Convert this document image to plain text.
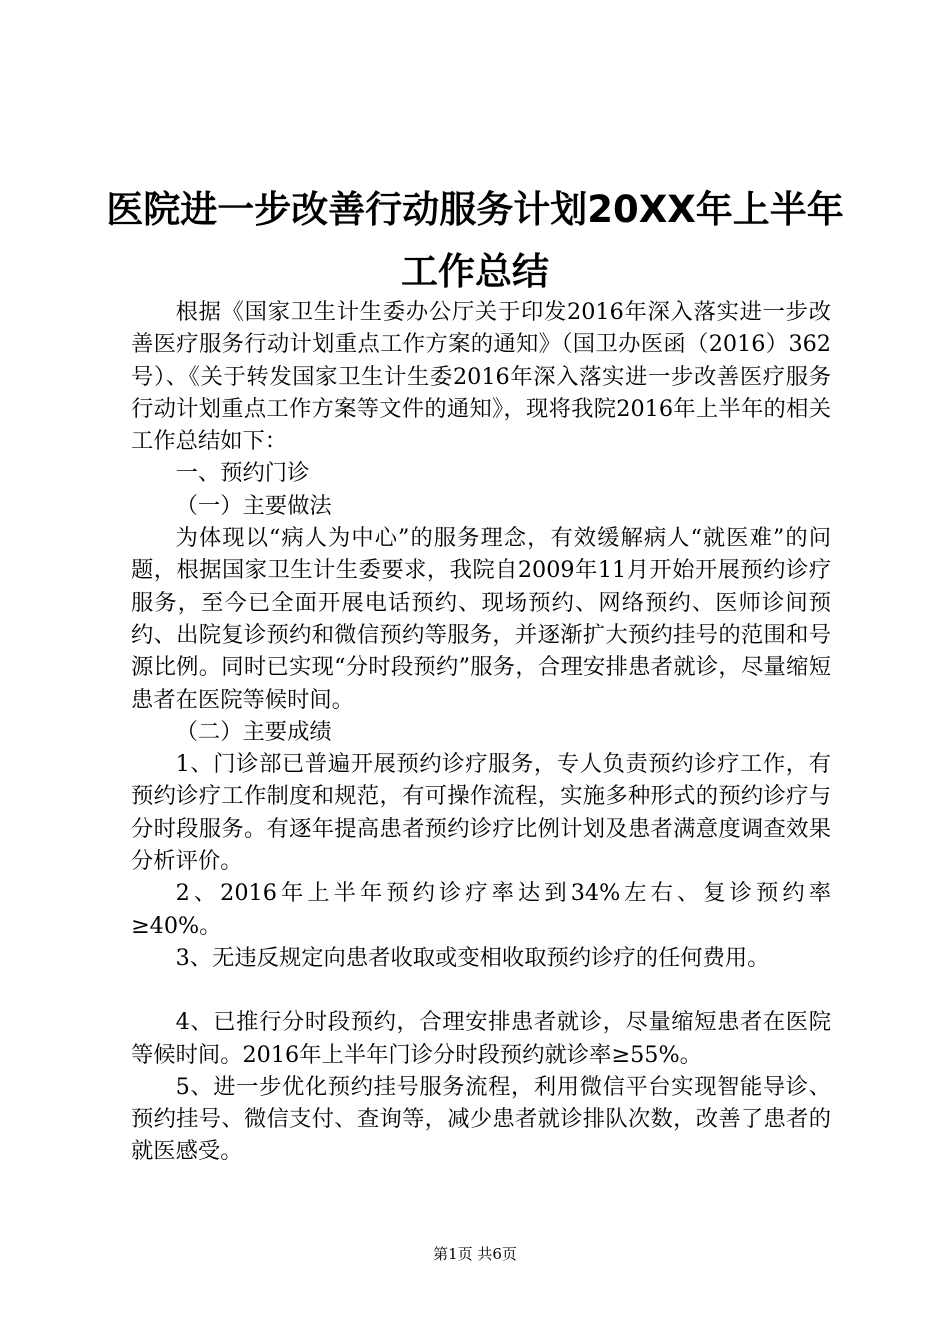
医院进一步改善行动服务计划20XX年上半年
工作总结

根据《国家卫生计生委办公厅关于印发2016年深入落实进一步改善医疗服务行动计划重点工作方案的通知》（国卫办医函（2016）362号）、《关于转发国家卫生计生委2016年深入落实进一步改善医疗服务行动计划重点工作方案等文件的通知》，现将我院2016年上半年的相关工作总结如下：

一、预约门诊

（一）主要做法

为体现以“病人为中心”的服务理念，有效缓解病人“就医难”的问题，根据国家卫生计生委要求，我院自2009年11月开始开展预约诊疗服务，至今已全面开展电话预约、现场预约、网络预约、医师诊间预约、出院复诊预约和微信预约等服务，并逐渐扩大预约挂号的范围和号源比例。同时已实现“分时段预约”服务，合理安排患者就诊，尽量缩短患者在医院等候时间。

（二）主要成绩

1、门诊部已普遍开展预约诊疗服务，专人负责预约诊疗工作，有预约诊疗工作制度和规范，有可操作流程，实施多种形式的预约诊疗与分时段服务。有逐年提高患者预约诊疗比例计划及患者满意度调查效果分析评价。

2、2016年上半年预约诊疗率达到34%左右、复诊预约率≥40%。

3、无违反规定向患者收取或变相收取预约诊疗的任何费用。

4、已推行分时段预约，合理安排患者就诊，尽量缩短患者在医院等候时间。2016年上半年门诊分时段预约就诊率≥55%。

5、进一步优化预约挂号服务流程，利用微信平台实现智能导诊、预约挂号、微信支付、查询等，减少患者就诊排队次数，改善了患者的就医感受。

第1页 共6页
